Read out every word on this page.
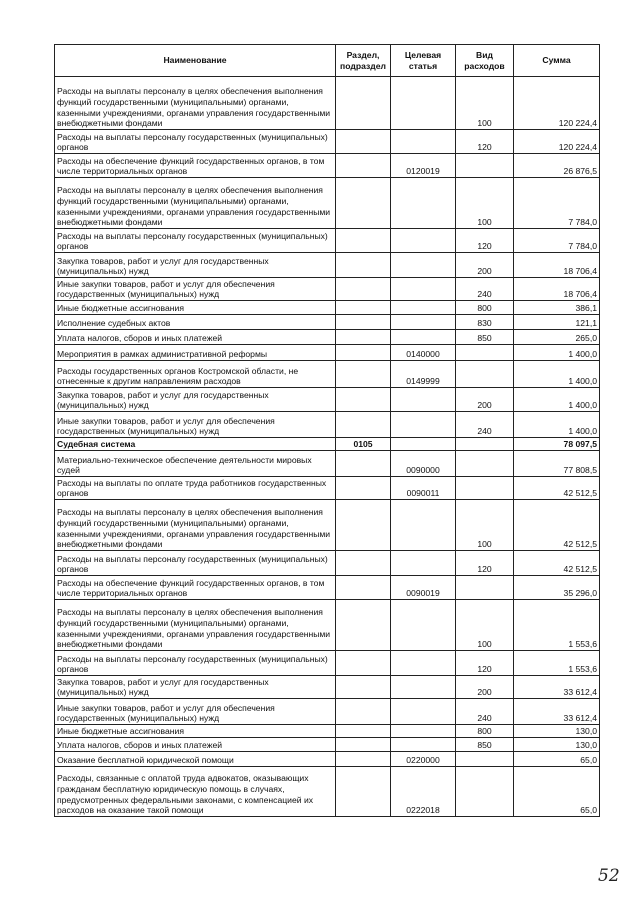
Наименование	Раздел, подраздел	Целевая статья	Вид расходов	Сумма
Расходы на выплаты персоналу в целях обеспечения выполнения функций государственными (муниципальными) органами, казенными учреждениями, органами управления государственными внебюджетными фондами			100	120 224,4
Расходы на выплаты персоналу государственных (муниципальных) органов			120	120 224,4
Расходы на обеспечение функций государственных органов, в том числе территориальных органов		0120019		26 876,5
Расходы на выплаты персоналу в целях обеспечения выполнения функций государственными (муниципальными) органами, казенными учреждениями, органами управления государственными внебюджетными фондами			100	7 784,0
Расходы на выплаты персоналу государственных (муниципальных) органов			120	7 784,0
Закупка товаров, работ и услуг для государственных (муниципальных) нужд			200	18 706,4
Иные закупки товаров, работ и услуг для обеспечения государственных (муниципальных) нужд			240	18 706,4
Иные бюджетные ассигнования			800	386,1
Исполнение судебных актов			830	121,1
Уплата налогов, сборов и иных платежей			850	265,0
Мероприятия в рамках административной реформы		0140000		1 400,0
Расходы государственных органов Костромской области, не отнесенные к другим направлениям расходов		0149999		1 400,0
Закупка товаров, работ и услуг для государственных (муниципальных) нужд			200	1 400,0
Иные закупки товаров, работ и услуг для обеспечения государственных (муниципальных) нужд			240	1 400,0
Судебная система	0105			78 097,5
Материально-техническое обеспечение деятельности мировых судей		0090000		77 808,5
Расходы на выплаты по оплате труда работников государственных органов		0090011		42 512,5
Расходы на выплаты персоналу в целях обеспечения выполнения функций государственными (муниципальными) органами, казенными учреждениями, органами управления государственными внебюджетными фондами			100	42 512,5
Расходы на выплаты персоналу государственных (муниципальных) органов			120	42 512,5
Расходы на обеспечение функций государственных органов, в том числе территориальных органов		0090019		35 296,0
Расходы на выплаты персоналу в целях обеспечения выполнения функций государственными (муниципальными) органами, казенными учреждениями, органами управления государственными внебюджетными фондами			100	1 553,6
Расходы на выплаты персоналу государственных (муниципальных) органов			120	1 553,6
Закупка товаров, работ и услуг для государственных (муниципальных) нужд			200	33 612,4
Иные закупки товаров, работ и услуг для обеспечения государственных (муниципальных) нужд			240	33 612,4
Иные бюджетные ассигнования			800	130,0
Уплата налогов, сборов и иных платежей			850	130,0
Оказание бесплатной юридической помощи		0220000		65,0
Расходы, связанные с оплатой труда адвокатов, оказывающих гражданам бесплатную юридическую помощь в случаях, предусмотренных федеральными законами, с компенсацией их расходов на оказание такой помощи		0222018		65,0
52
